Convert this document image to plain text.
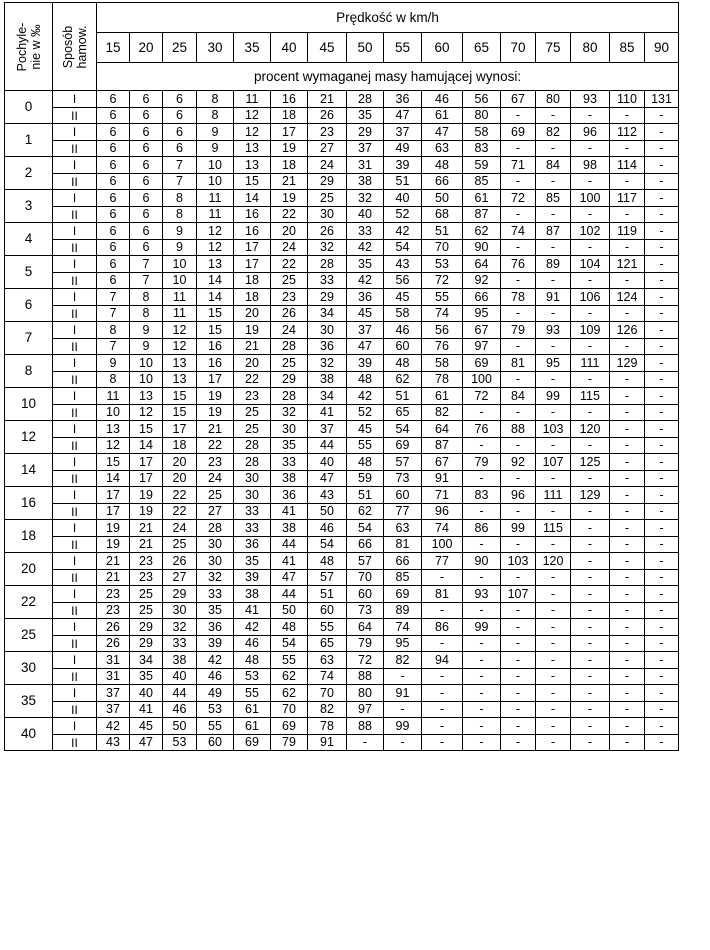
Pochyle-
nie w ‰	Sposób
hamow.	Prędkość w km/h															
		15	20	25	30	35	40	45	50	55	60	65	70	75	80	85	90
		procent wymaganej masy hamującej wynosi:															
0	I	6	6	6	8	11	16	21	28	36	46	56	67	80	93	110	131
	II	6	6	6	8	12	18	26	35	47	61	80	-	-	-	-	-
1	I	6	6	6	9	12	17	23	29	37	47	58	69	82	96	112	-
	II	6	6	6	9	13	19	27	37	49	63	83	-	-	-	-	-
2	I	6	6	7	10	13	18	24	31	39	48	59	71	84	98	114	-
	II	6	6	7	10	15	21	29	38	51	66	85	-	-	-	-	-
3	I	6	6	8	11	14	19	25	32	40	50	61	72	85	100	117	-
	II	6	6	8	11	16	22	30	40	52	68	87	-	-	-	-	-
4	I	6	6	9	12	16	20	26	33	42	51	62	74	87	102	119	-
	II	6	6	9	12	17	24	32	42	54	70	90	-	-	-	-	-
5	I	6	7	10	13	17	22	28	35	43	53	64	76	89	104	121	-
	II	6	7	10	14	18	25	33	42	56	72	92	-	-	-	-	-
6	I	7	8	11	14	18	23	29	36	45	55	66	78	91	106	124	-
	II	7	8	11	15	20	26	34	45	58	74	95	-	-	-	-	-
7	I	8	9	12	15	19	24	30	37	46	56	67	79	93	109	126	-
	II	7	9	12	16	21	28	36	47	60	76	97	-	-	-	-	-
8	I	9	10	13	16	20	25	32	39	48	58	69	81	95	111	129	-
	II	8	10	13	17	22	29	38	48	62	78	100	-	-	-	-	-
10	I	11	13	15	19	23	28	34	42	51	61	72	84	99	115	-	-
	II	10	12	15	19	25	32	41	52	65	82	-	-	-	-	-	-
12	I	13	15	17	21	25	30	37	45	54	64	76	88	103	120	-	-
	II	12	14	18	22	28	35	44	55	69	87	-	-	-	-	-	-
14	I	15	17	20	23	28	33	40	48	57	67	79	92	107	125	-	-
	II	14	17	20	24	30	38	47	59	73	91	-	-	-	-	-	-
16	I	17	19	22	25	30	36	43	51	60	71	83	96	111	129	-	-
	II	17	19	22	27	33	41	50	62	77	96	-	-	-	-	-	-
18	I	19	21	24	28	33	38	46	54	63	74	86	99	115	-	-	-
	II	19	21	25	30	36	44	54	66	81	100	-	-	-	-	-	-
20	I	21	23	26	30	35	41	48	57	66	77	90	103	120	-	-	-
	II	21	23	27	32	39	47	57	70	85	-	-	-	-	-	-	-
22	I	23	25	29	33	38	44	51	60	69	81	93	107	-	-	-	-
	II	23	25	30	35	41	50	60	73	89	-	-	-	-	-	-	-
25	I	26	29	32	36	42	48	55	64	74	86	99	-	-	-	-	-
	II	26	29	33	39	46	54	65	79	95	-	-	-	-	-	-	-
30	I	31	34	38	42	48	55	63	72	82	94	-	-	-	-	-	-
	II	31	35	40	46	53	62	74	88	-	-	-	-	-	-	-	-
35	I	37	40	44	49	55	62	70	80	91	-	-	-	-	-	-	-
	II	37	41	46	53	61	70	82	97	-	-	-	-	-	-	-	-
40	I	42	45	50	55	61	69	78	88	99	-	-	-	-	-	-	-
	II	43	47	53	60	69	79	91	-	-	-	-	-	-	-	-	-
